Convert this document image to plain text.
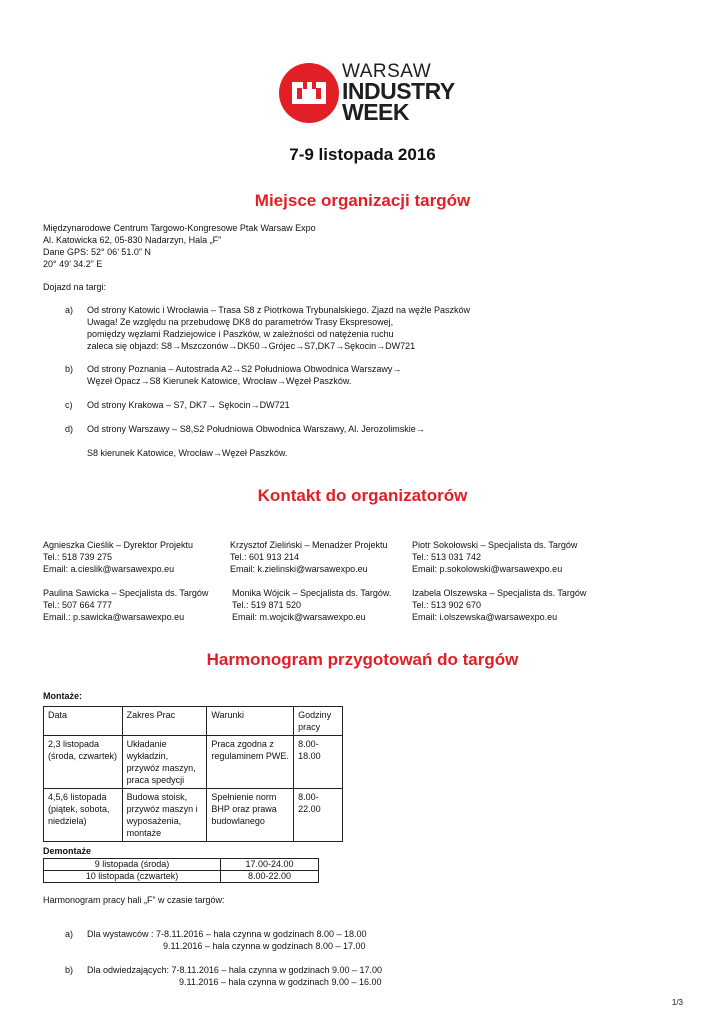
WARSAW
INDUSTRY
WEEK
7-9 listopada 2016
Miejsce organizacji targów
Międzynarodowe Centrum Targowo-Kongresowe Ptak Warsaw Expo
Al. Katowicka 62, 05-830 Nadarzyn, Hala „F”
Dane GPS: 52° 06’ 51.0” N
20° 49’ 34.2” E
Dojazd na targi:
a) Od strony Katowic i Wrocławia – Trasa S8 z Piotrkowa Trybunalskiego. Zjazd na węźle Paszków
Uwaga! Ze względu na przebudowę DK8 do parametrów Trasy Ekspresowej,
pomiędzy węzłami Radziejowice i Paszków, w zależności od natężenia ruchu
zaleca się objazd: S8→Mszczonów→DK50→Grójec→S7,DK7→Sękocin→DW721
b) Od strony Poznania – Autostrada A2→S2 Południowa Obwodnica Warszawy→
Węzeł Opacz→S8 Kierunek Katowice, Wrocław→Węzeł Paszków.
c) Od strony Krakowa – S7, DK7→ Sękocin→DW721
d) Od strony Warszawy – S8,S2 Południowa Obwodnica Warszawy, Al. Jerozolimskie→
S8 kierunek Katowice, Wrocław→Węzeł Paszków.
Kontakt do organizatorów
Agnieszka Cieślik – Dyrektor Projektu
Tel.: 518 739 275
Email: a.cieslik@warsawexpo.eu
Krzysztof Zieliński – Menadżer Projektu
Tel.: 601 913 214
Email: k.zielinski@warsawexpo.eu
Piotr Sokołowski – Specjalista ds. Targów
Tel.: 513 031 742
Email: p.sokolowski@warsawexpo.eu
Paulina Sawicka – Specjalista ds. Targów
Tel.: 507 664 777
Email.: p.sawicka@warsawexpo.eu
Monika Wójcik – Specjalista ds. Targów.
Tel.: 519 871 520
Email: m.wojcik@warsawexpo.eu
Izabela Olszewska – Specjalista ds. Targów
Tel.: 513 902 670
Email: i.olszewska@warsawexpo.eu
Harmonogram przygotowań do targów
Montaże:
Data	Zakres Prac	Warunki	Godziny pracy
2,3 listopada (środa, czwartek)	Układanie wykładzin, przywóz maszyn, praca spedycji	Praca zgodna z regulaminem PWE.	8.00-18.00
4,5,6 listopada (piątek, sobota, niedziela)	Budowa stoisk, przywóz maszyn i wyposażenia, montaże	Spełnienie norm BHP oraz prawa budowlanego	8.00-22.00
Demontaże
9 listopada (środa)	17.00-24.00
10 listopada (czwartek)	8.00-22.00
Harmonogram pracy hali „F” w czasie targów:
a) Dla wystawców : 7-8.11.2016 – hala czynna w godzinach 8.00 – 18.00
9.11.2016 – hala czynna w godzinach 8.00 – 17.00
b) Dla odwiedzających: 7-8.11.2016 – hala czynna w godzinach 9.00 – 17.00
9.11.2016 – hala czynna w godzinach 9.00 – 16.00
1/3
